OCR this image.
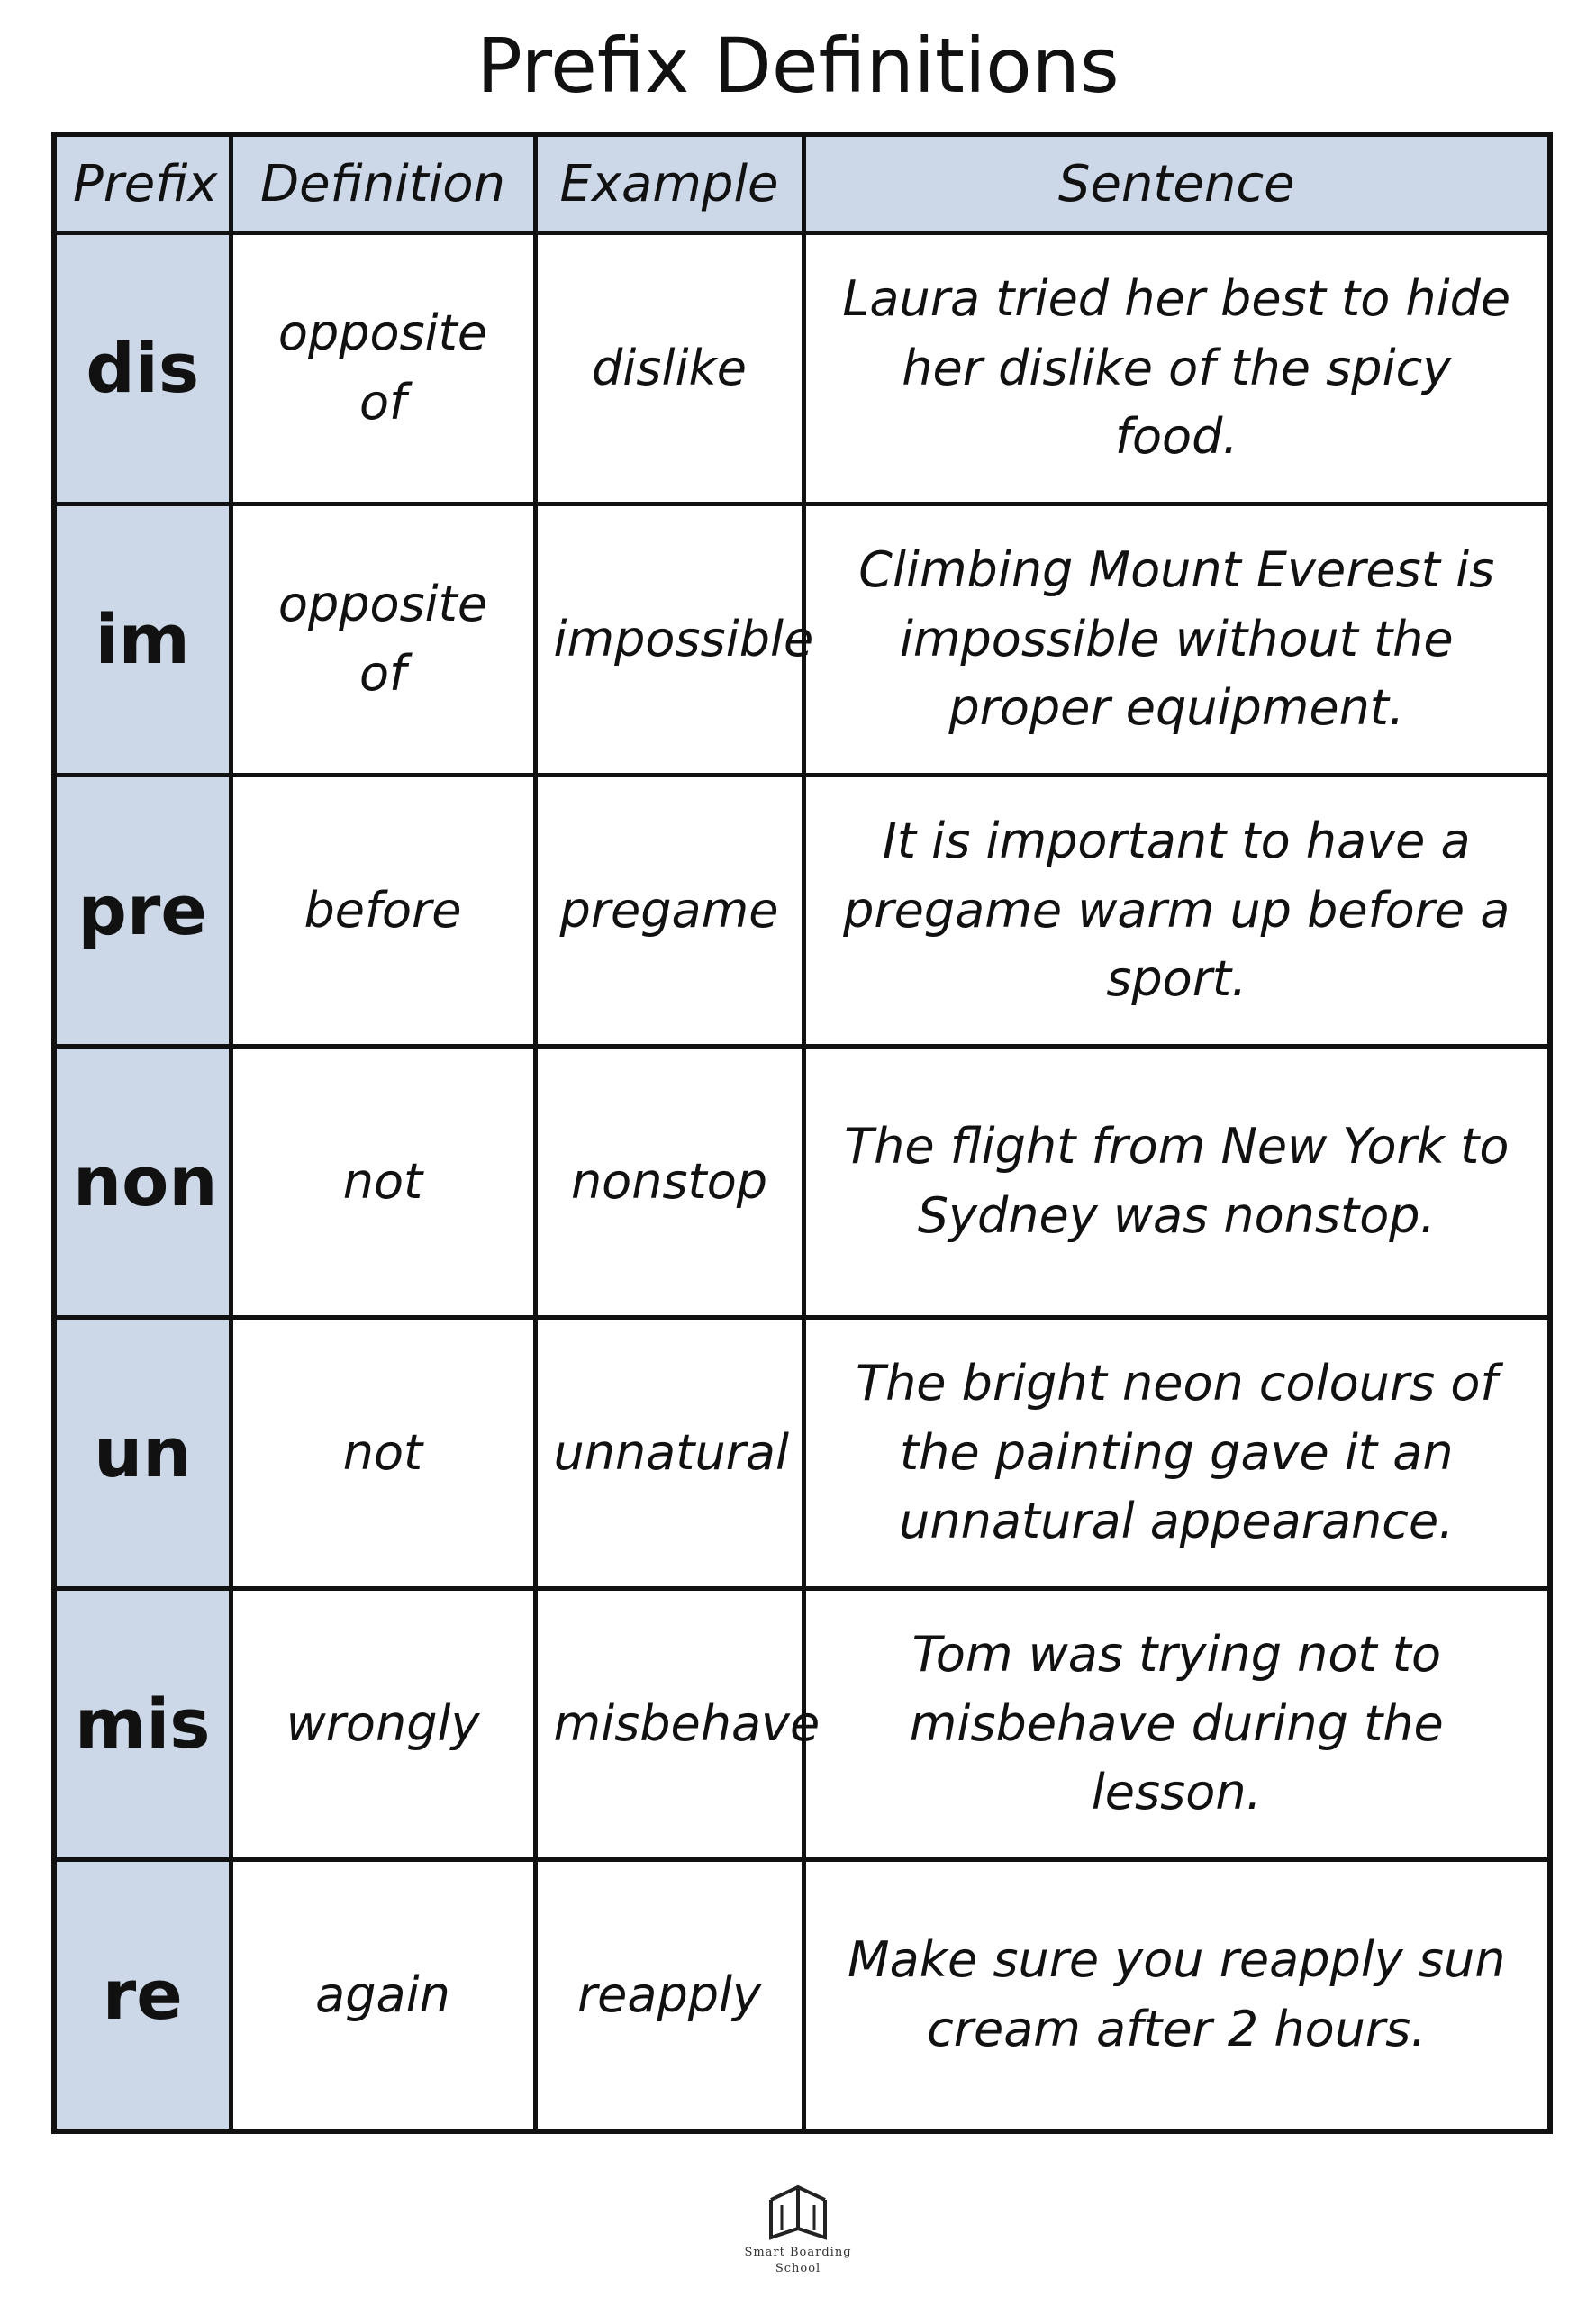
Prefix Definitions
Prefix	Definition	Example	Sentence
dis	opposite of	dislike	Laura tried her best to hide her dislike of the spicy food.
im	opposite of	impossible	Climbing Mount Everest is impossible without the proper equipment.
pre	before	pregame	It is important to have a pregame warm up before a sport.
non	not	nonstop	The flight from New York to Sydney was nonstop.
un	not	unnatural	The bright neon colours of the painting gave it an unnatural appearance.
mis	wrongly	misbehave	Tom was trying not to misbehave during the lesson.
re	again	reapply	Make sure you reapply sun cream after 2 hours.
Smart Boarding
School
